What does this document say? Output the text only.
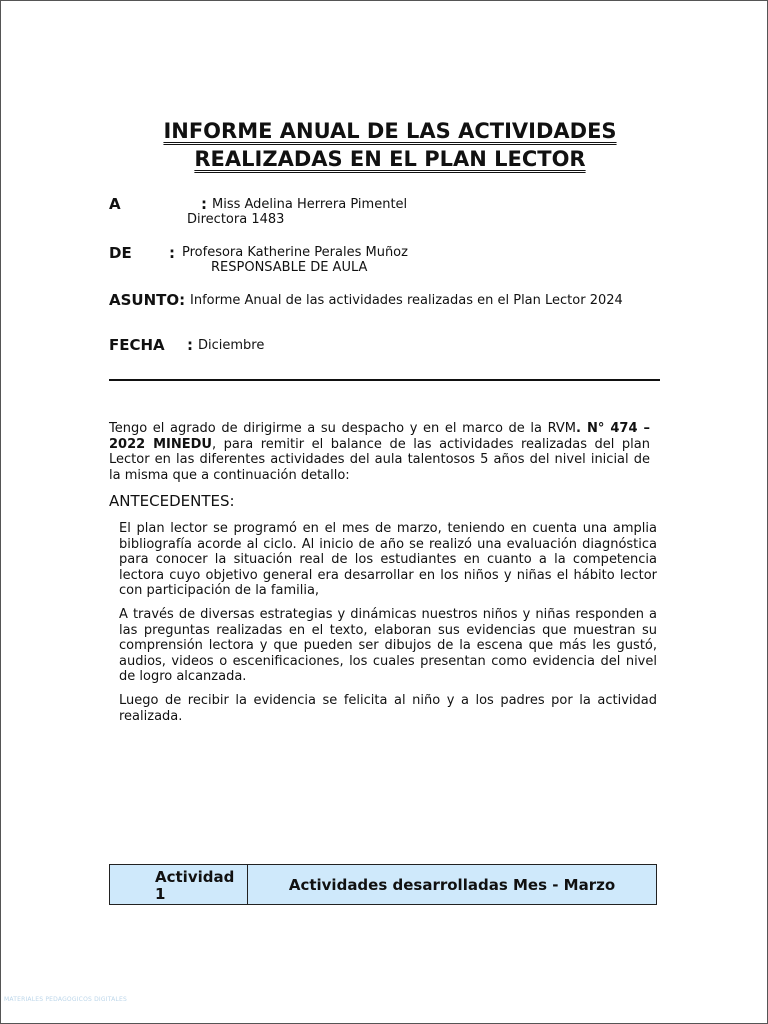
INFORME ANUAL DE LAS ACTIVIDADES
REALIZADAS EN EL PLAN LECTOR
A	: Miss Adelina Herrera Pimentel
Directora 1483
DE : Profesora Katherine Perales Muñoz
RESPONSABLE DE AULA
ASUNTO: Informe Anual de las actividades realizadas en el Plan Lector 2024
FECHA : Diciembre
Tengo el agrado de dirigirme a su despacho y en el marco de la RVM. N° 474 – 2022 MINEDU, para remitir el balance de las actividades realizadas del plan Lector en las diferentes actividades del aula talentosos 5 años del nivel inicial de la misma que a continuación detallo:
ANTECEDENTES:
El plan lector se programó en el mes de marzo, teniendo en cuenta una amplia bibliografía acorde al ciclo. Al inicio de año se realizó una evaluación diagnóstica para conocer la situación real de los estudiantes en cuanto a la competencia lectora cuyo objetivo general era desarrollar en los niños y niñas el hábito lector con participación de la familia,
A través de diversas estrategias y dinámicas nuestros niños y niñas responden a las preguntas realizadas en el texto, elaboran sus evidencias que muestran su comprensión lectora y que pueden ser dibujos de la escena que más les gustó, audios, videos o escenificaciones, los cuales presentan como evidencia del nivel de logro alcanzada.
Luego de recibir la evidencia se felicita al niño y a los padres por la actividad realizada.
Actividad 1
Actividades desarrolladas Mes - Marzo
MATERIALES PEDAGOGICOS DIGITALES
